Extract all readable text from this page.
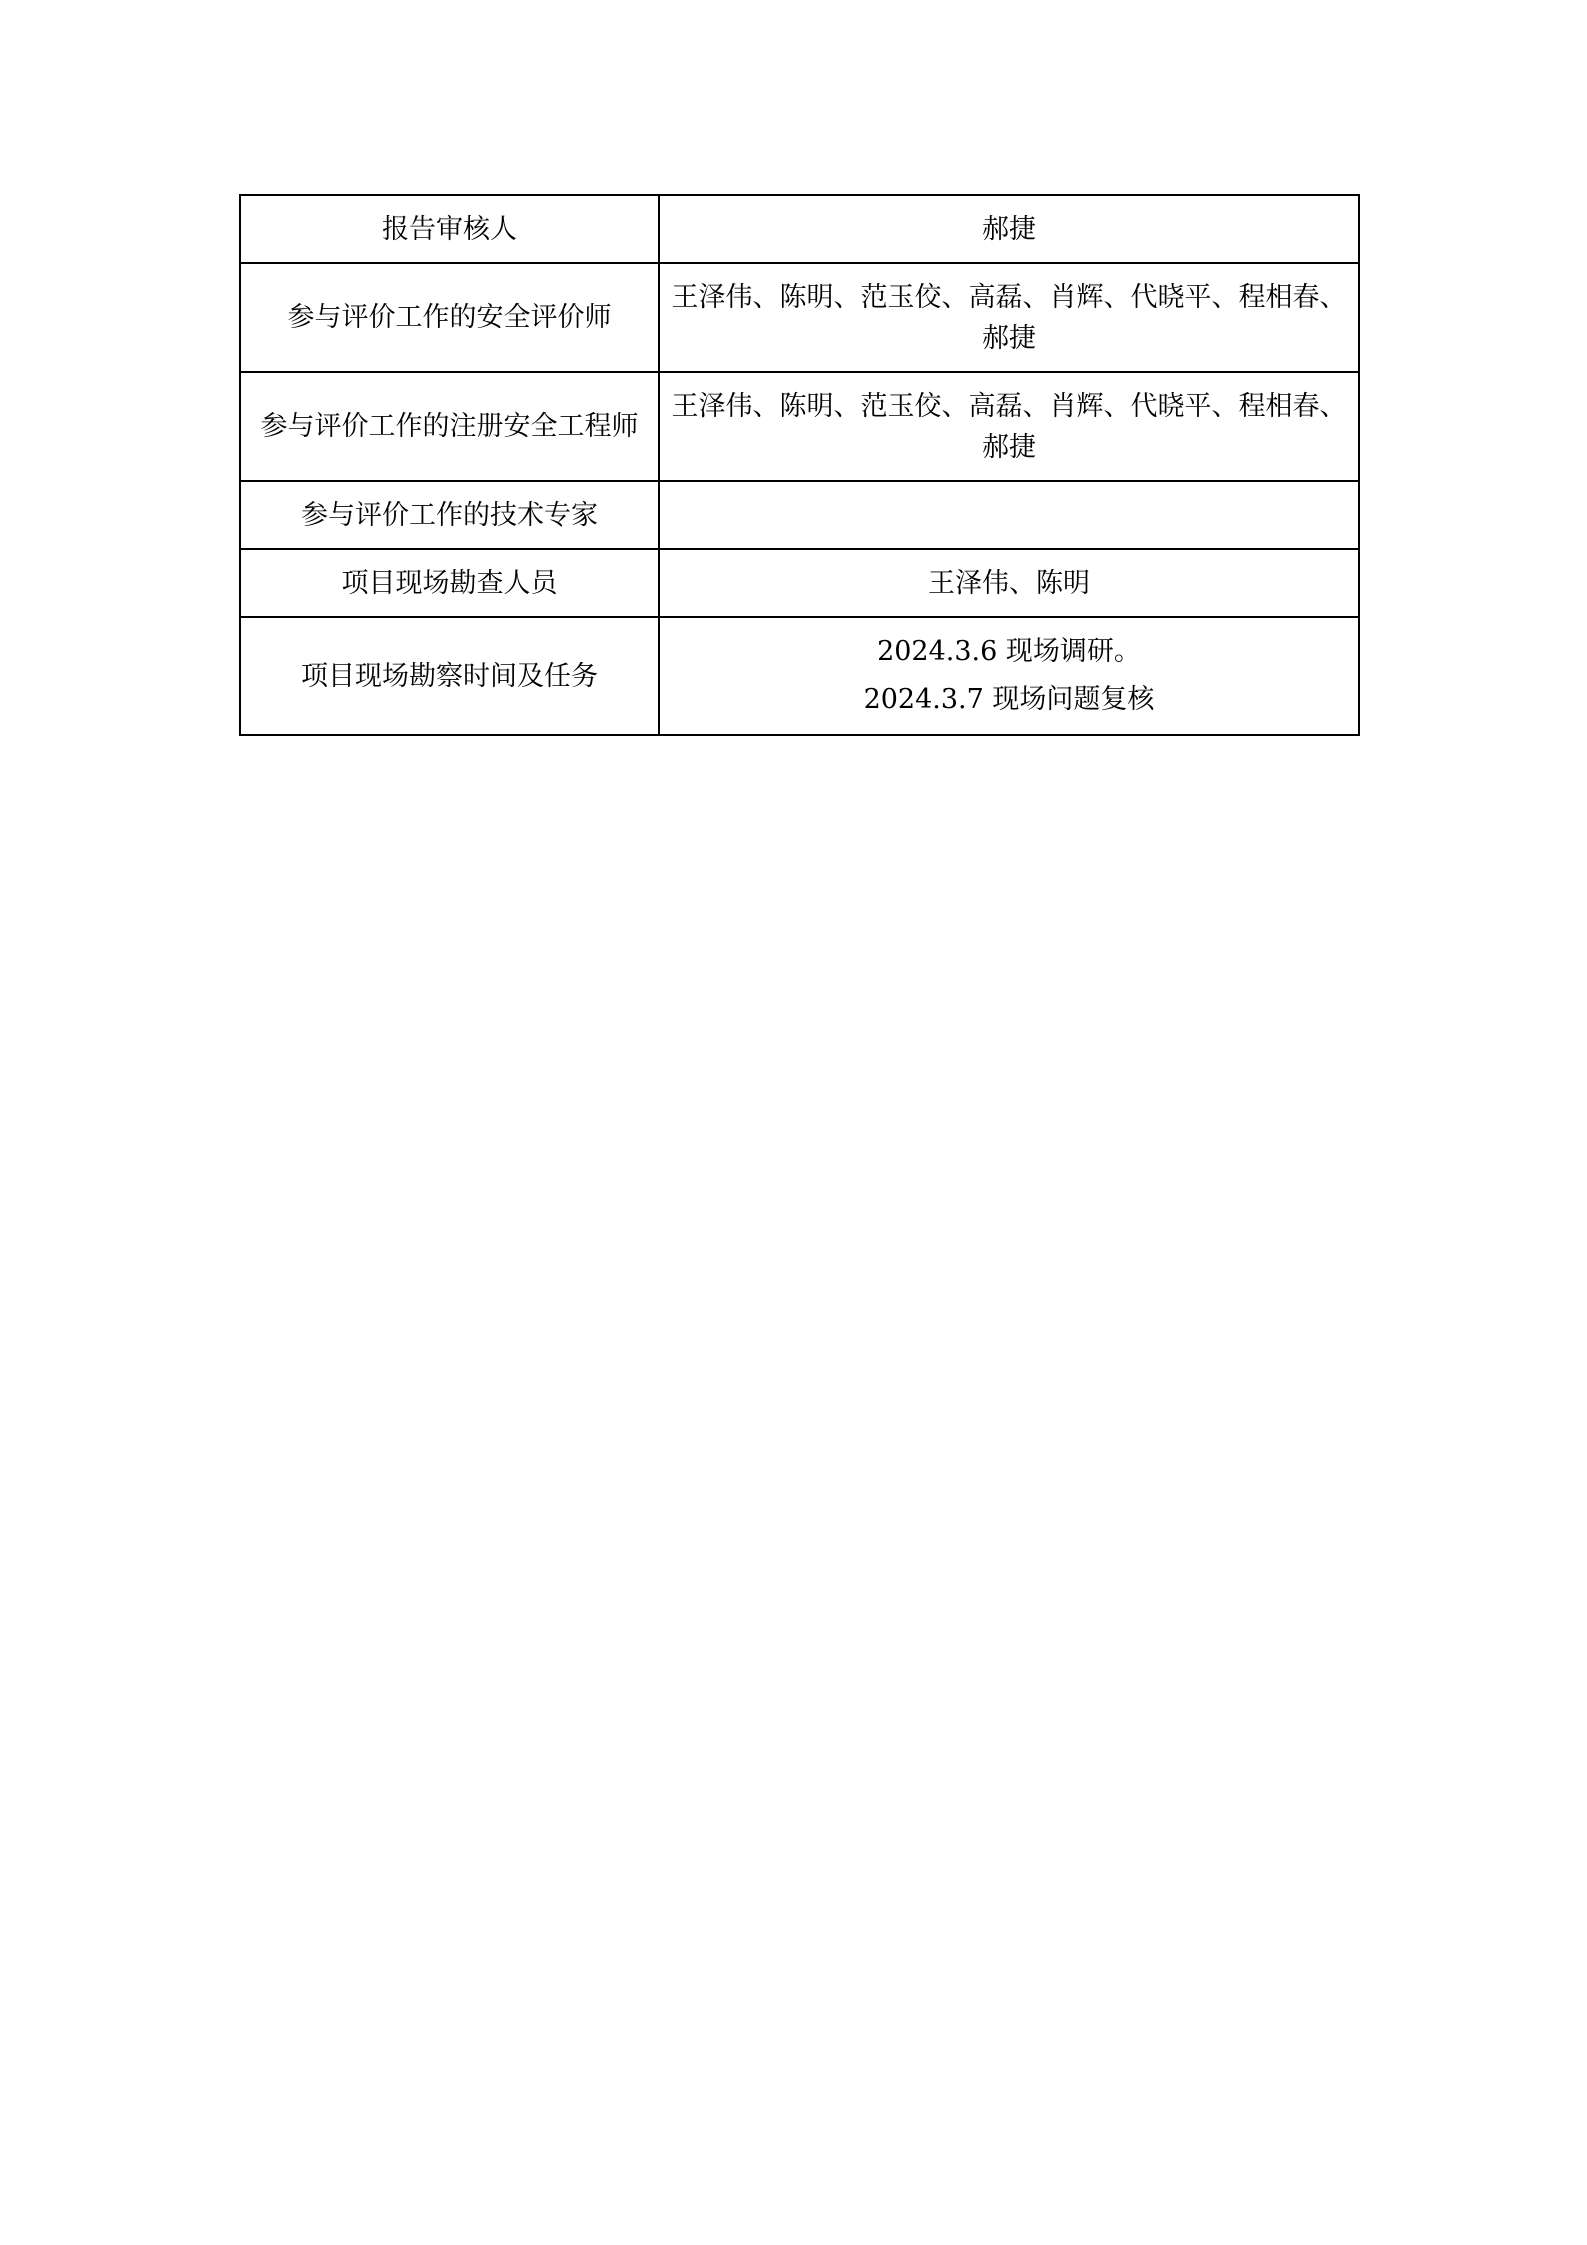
报告审核人	郝捷
参与评价工作的安全评价师	王泽伟、陈明、范玉佼、高磊、肖辉、代晓平、程相春、郝捷
参与评价工作的注册安全工程师	王泽伟、陈明、范玉佼、高磊、肖辉、代晓平、程相春、郝捷
参与评价工作的技术专家	
项目现场勘查人员	王泽伟、陈明
项目现场勘察时间及任务	2024.3.6 现场调研。
2024.3.7 现场问题复核
